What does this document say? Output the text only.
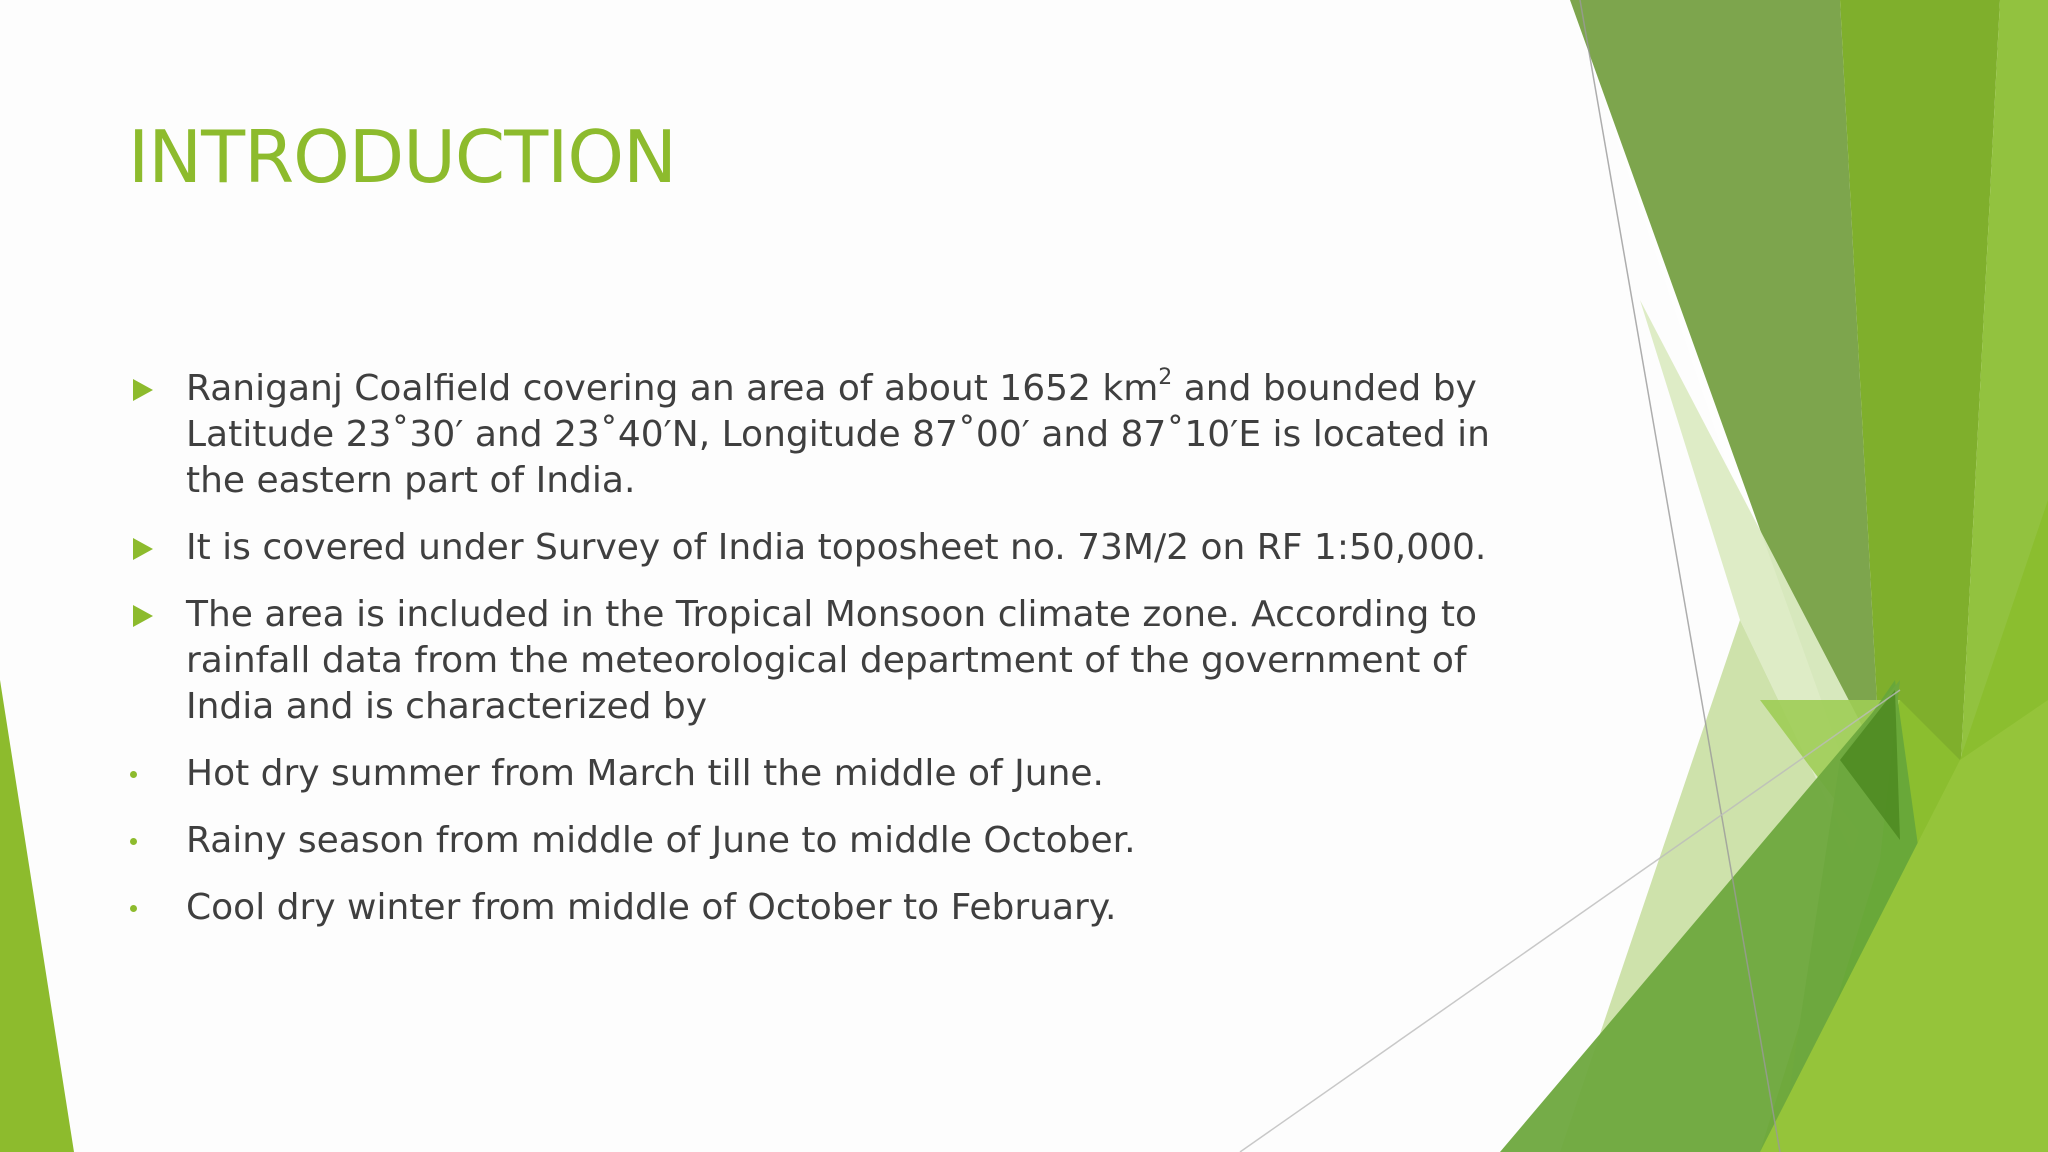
INTRODUCTION
Raniganj Coalfield covering an area of about 1652 $km^2$ and bounded by Latitude 23˚30′ and 23˚40′N, Longitude 87˚00′ and 87˚10′E is located in the eastern part of India.
It is covered under Survey of India toposheet no. 73M/2 on RF 1:50,000.
The area is included in the Tropical Monsoon climate zone. According to rainfall data from the meteorological department of the government of India and is characterized by
Hot dry summer from March till the middle of June.
Rainy season from middle of June to middle October.
Cool dry winter from middle of October to February.
